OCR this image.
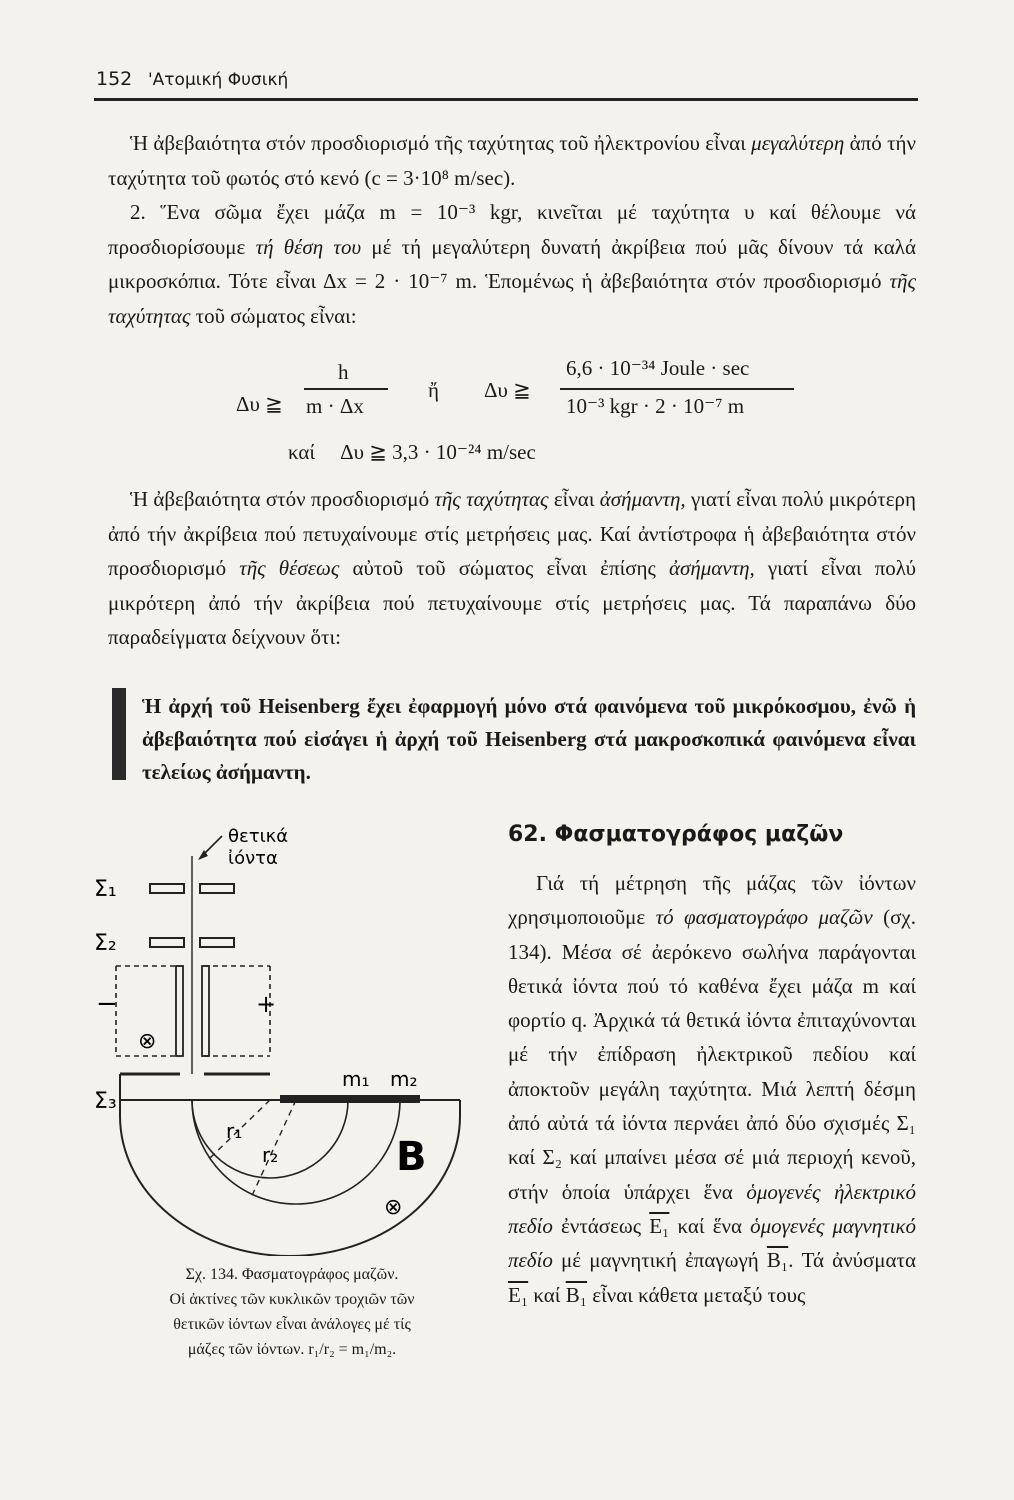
152 'Ατομική Φυσική

Ἡ ἀβεβαιότητα στόν προσδιορισμό τῆς ταχύτητας τοῦ ἠλεκτρονίου εἶναι μεγαλύτερη ἀπό τήν ταχύτητα τοῦ φωτός στό κενό (c = 3·10⁸ m/sec).

2. Ἕνα σῶμα ἔχει μάζα m = 10⁻³ kgr, κινεῖται μέ ταχύτητα υ καί θέλουμε νά προσδιορίσουμε τή θέση του μέ τή μεγαλύτερη δυνατή ἀκρίβεια πού μᾶς δίνουν τά καλά μικροσκόπια. Τότε εἶναι Δx = 2 · 10⁻⁷ m. Ἑπομένως ἡ ἀβεβαιότητα στόν προσδιορισμό τῆς ταχύτητας τοῦ σώματος εἶναι:

Δυ ≧
h
m · Δx
ἤ Δυ ≧
6,6 · 10⁻³⁴ Joule · sec
10⁻³ kgr · 2 · 10⁻⁷ m
καί     Δυ ≧ 3,3 · 10⁻²⁴ m/sec

Ἡ ἀβεβαιότητα στόν προσδιορισμό τῆς ταχύτητας εἶναι ἀσήμαντη, γιατί εἶναι πολύ μικρότερη ἀπό τήν ἀκρίβεια πού πετυχαίνουμε στίς μετρήσεις μας. Καί ἀντίστροφα ἡ ἀβεβαιότητα στόν προσδιορισμό τῆς θέσεως αὐτοῦ τοῦ σώματος εἶναι ἐπίσης ἀσήμαντη, γιατί εἶναι πολύ μικρότερη ἀπό τήν ἀκρίβεια πού πετυχαίνουμε στίς μετρήσεις μας. Τά παραπάνω δύο παραδείγματα δείχνουν ὅτι:

Ἡ ἀρχή τοῦ Heisenberg ἔχει ἐφαρμογή μόνο στά φαινόμενα τοῦ μικρόκοσμου, ἐνῶ ἡ ἀβεβαιότητα πού εἰσάγει ἡ ἀρχή τοῦ Heisenberg στά μακροσκοπικά φαινόμενα εἶναι τελείως ἀσήμαντη.
θετικά
ἰόντα
Σ₁
Σ₂
−	+
⊗
Σ₃
m₁ m₂
r₁
r₂	B
⊗
Σχ. 134. Φασματογράφος μαζῶν.
Οἱ ἀκτίνες τῶν κυκλικῶν τροχιῶν τῶν
θετικῶν ἰόντων εἶναι ἀνάλογες μέ τίς
μάζες τῶν ἰόντων. r₁/r₂ = m₁/m₂.
62. Φασματογράφος μαζῶν

Γιά τή μέτρηση τῆς μάζας τῶν ἰόντων χρησιμοποιοῦμε τό φασματογράφο μαζῶν (σχ. 134). Μέσα σέ ἀερόκενο σωλήνα παράγονται θετικά ἰόντα πού τό καθένα ἔχει μάζα m καί φορτίο q. Ἀρχικά τά θετικά ἰόντα ἐπιταχύνονται μέ τήν ἐπίδραση ἠλεκτρικοῦ πεδίου καί ἀποκτοῦν μεγάλη ταχύτητα. Μιά λεπτή δέσμη ἀπό αὐτά τά ἰόντα περνάει ἀπό δύο σχισμές Σ₁ καί Σ₂ καί μπαίνει μέσα σέ μιά περιοχή κενοῦ, στήν ὁποία ὑπάρχει ἕνα ὁμογενές ἠλεκτρικό πεδίο ἐντάσεως E₁ καί ἕνα ὁμογενές μαγνητικό πεδίο μέ μαγνητική ἐπαγωγή B₁. Τά ἀνύσματα E₁ καί B₁ εἶναι κάθετα μεταξύ τους
